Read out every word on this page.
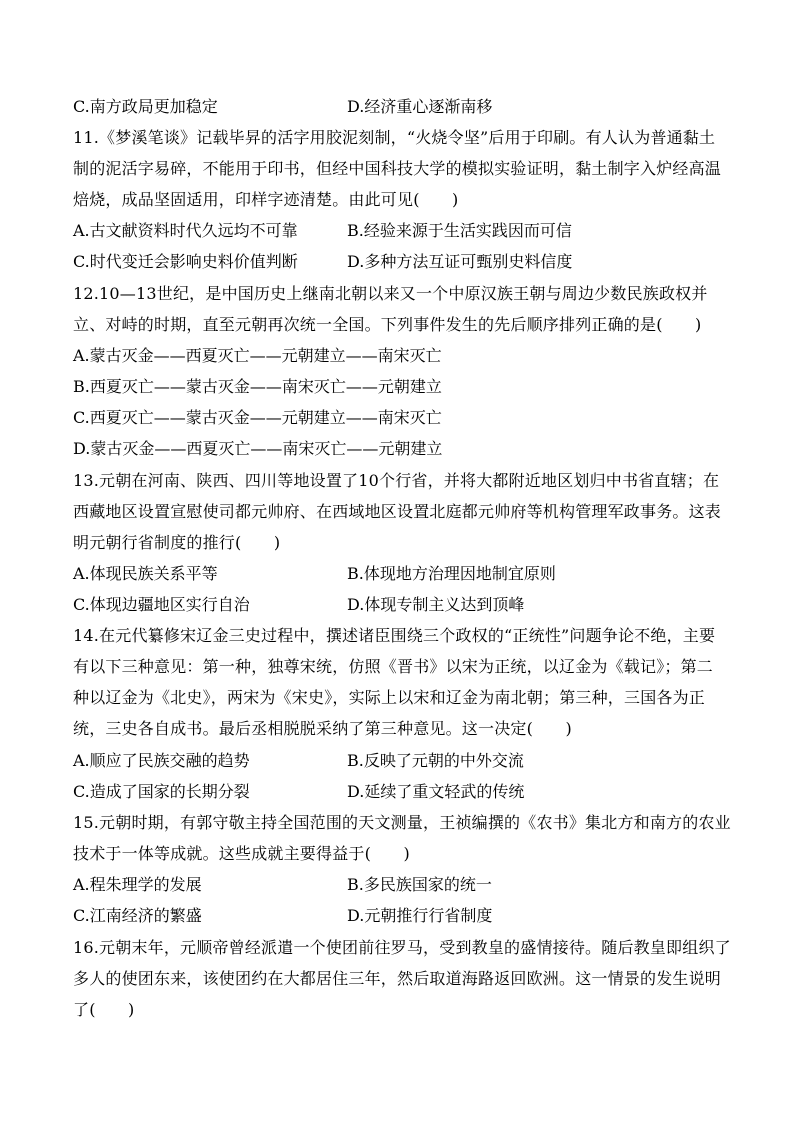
C.南方政局更加稳定	D.经济重心逐渐南移
11.《梦溪笔谈》记载毕昇的活字用胶泥刻制，“火烧令坚”后用于印刷。有人认为普通黏土
制的泥活字易碎，不能用于印书，但经中国科技大学的模拟实验证明，黏土制字入炉经高温
焙烧，成品坚固适用，印样字迹清楚。由此可见(　　)
A.古文献资料时代久远均不可靠	B.经验来源于生活实践因而可信
C.时代变迁会影响史料价值判断	D.多种方法互证可甄别史料信度
12.10—13世纪，是中国历史上继南北朝以来又一个中原汉族王朝与周边少数民族政权并
立、对峙的时期，直至元朝再次统一全国。下列事件发生的先后顺序排列正确的是(　　)
A.蒙古灭金——西夏灭亡——元朝建立——南宋灭亡
B.西夏灭亡——蒙古灭金——南宋灭亡——元朝建立
C.西夏灭亡——蒙古灭金——元朝建立——南宋灭亡
D.蒙古灭金——西夏灭亡——南宋灭亡——元朝建立
13.元朝在河南、陕西、四川等地设置了10个行省，并将大都附近地区划归中书省直辖；在
西藏地区设置宣慰使司都元帅府、在西域地区设置北庭都元帅府等机构管理军政事务。这表
明元朝行省制度的推行(　　)
A.体现民族关系平等	B.体现地方治理因地制宜原则
C.体现边疆地区实行自治	D.体现专制主义达到顶峰
14.在元代纂修宋辽金三史过程中，撰述诸臣围绕三个政权的“正统性”问题争论不绝，主要
有以下三种意见：第一种，独尊宋统，仿照《晋书》以宋为正统，以辽金为《载记》；第二
种以辽金为《北史》，两宋为《宋史》，实际上以宋和辽金为南北朝；第三种，三国各为正
统，三史各自成书。最后丞相脱脱采纳了第三种意见。这一决定(　　)
A.顺应了民族交融的趋势	B.反映了元朝的中外交流
C.造成了国家的长期分裂	D.延续了重文轻武的传统
15.元朝时期，有郭守敬主持全国范围的天文测量，王祯编撰的《农书》集北方和南方的农业
技术于一体等成就。这些成就主要得益于(　　)
A.程朱理学的发展	B.多民族国家的统一
C.江南经济的繁盛	D.元朝推行行省制度
16.元朝末年，元顺帝曾经派遣一个使团前往罗马，受到教皇的盛情接待。随后教皇即组织了
多人的使团东来，该使团约在大都居住三年，然后取道海路返回欧洲。这一情景的发生说明
了(　　)
